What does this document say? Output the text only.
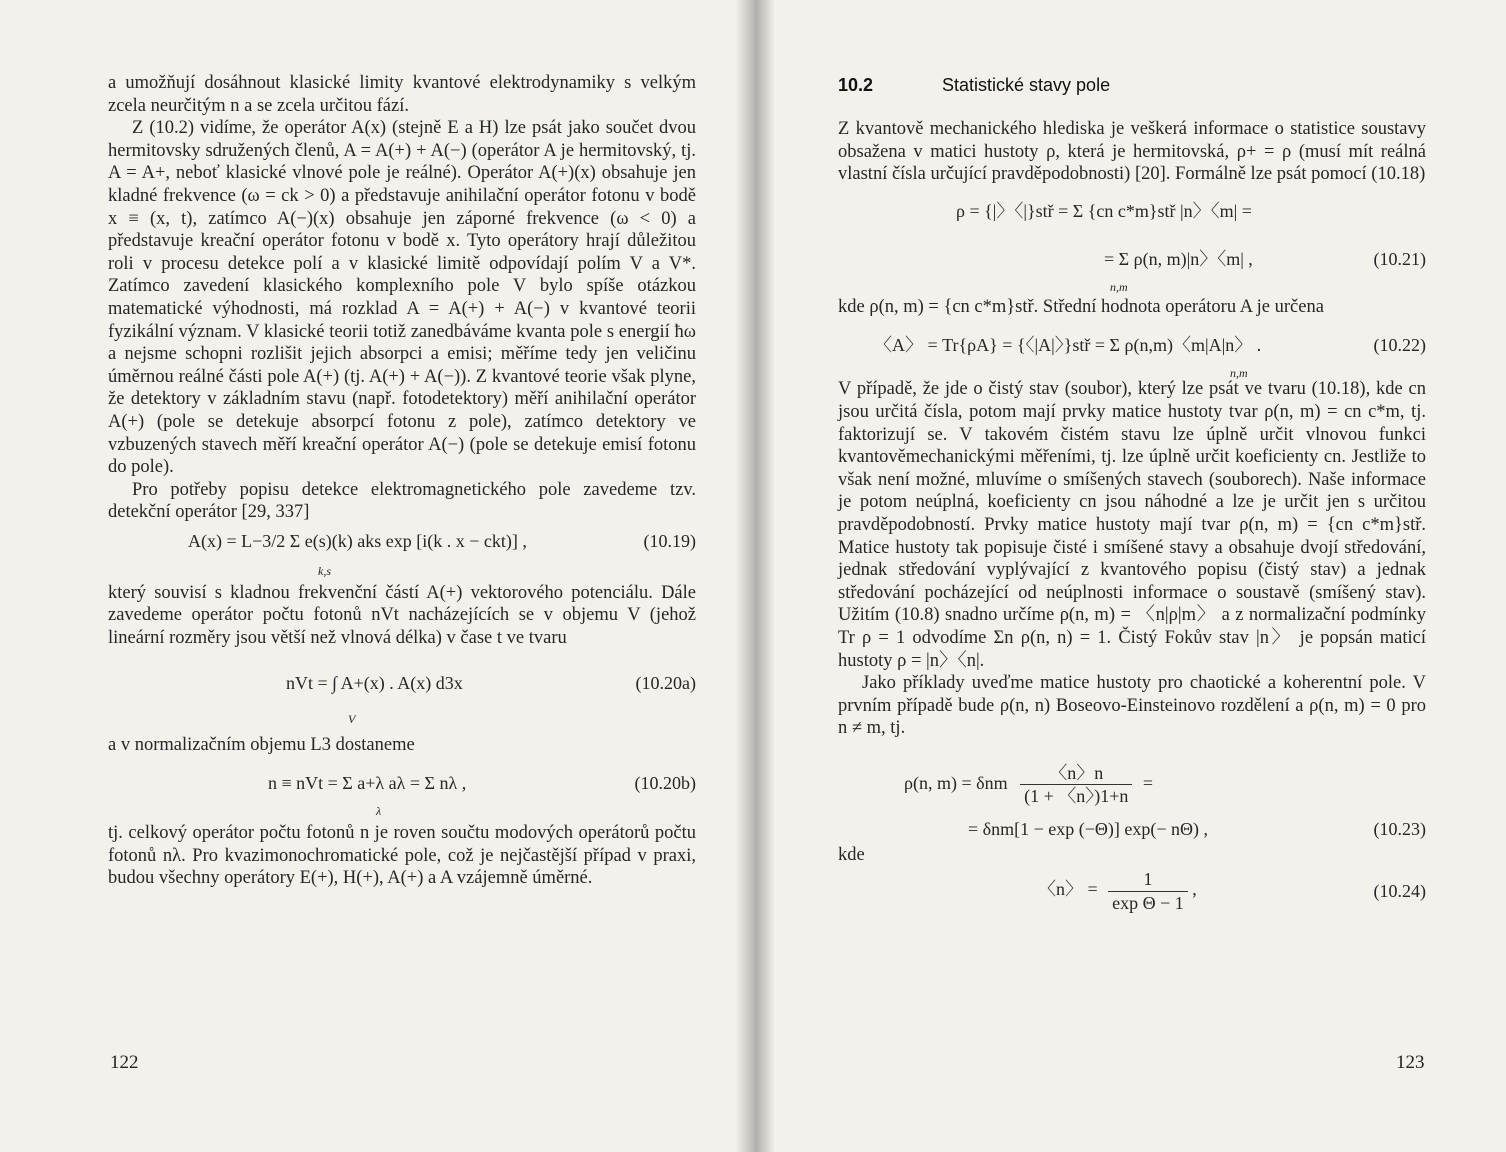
a umožňují dosáhnout klasické limity kvantové elektrodynamiky s velkým zcela neurčitým n a se zcela určitou fází.

Z (10.2) vidíme, že operátor A(x) (stejně E a H) lze psát jako součet dvou hermitovsky sdružených členů, A = A(+) + A(−) (operátor A je hermitovský, tj. A = A+, neboť klasické vlnové pole je reálné). Operátor A(+)(x) obsahuje jen kladné frekvence (ω = ck > 0) a představuje anihilační operátor fotonu v bodě x ≡ (x, t), zatímco A(−)(x) obsahuje jen záporné frekvence (ω < 0) a představuje kreační operátor fotonu v bodě x. Tyto operátory hrají důležitou roli v procesu detekce polí a v klasické limitě odpovídají polím V a V*. Zatímco zavedení klasického komplexního pole V bylo spíše otázkou matematické výhodnosti, má rozklad A = A(+) + A(−) v kvantové teorii fyzikální význam. V klasické teorii totiž zanedbáváme kvanta pole s energií ħω a nejsme schopni rozlišit jejich absorpci a emisi; měříme tedy jen veličinu úměrnou reálné části pole A(+) (tj. A(+) + A(−)). Z kvantové teorie však plyne, že detektory v základním stavu (např. fotodetektory) měří anihilační operátor A(+) (pole se detekuje absorpcí fotonu z pole), zatímco detektory ve vzbuzených stavech měří kreační operátor A(−) (pole se detekuje emisí fotonu do pole).

Pro potřeby popisu detekce elektromagnetického pole zavedeme tzv. detekční operátor [29, 337]

A(x) = L−3/2 Σ e(s)(k) aks exp [i(k . x − ckt)] ,
k,s
(10.19)

který souvisí s kladnou frekvenční částí A(+) vektorového potenciálu. Dále zavedeme operátor počtu fotonů nVt nacházejících se v objemu V (jehož lineární rozměry jsou větší než vlnová délka) v čase t ve tvaru

nVt = ∫ A+(x) . A(x) d3x
V
(10.20a)

a v normalizačním objemu L3 dostaneme

n ≡ nVt = Σ a+λ aλ = Σ nλ ,
λ
(10.20b)

tj. celkový operátor počtu fotonů n je roven součtu modových operátorů počtu fotonů nλ. Pro kvazimonochromatické pole, což je nejčastější případ v praxi, budou všechny operátory E(+), H(+), A(+) a A vzájemně úměrné.

122
10.2	Statistické stavy pole

Z kvantově mechanického hlediska je veškerá informace o statistice soustavy obsažena v matici hustoty ρ, která je hermitovská, ρ+ = ρ (musí mít reálná vlastní čísla určující pravděpodobnosti) [20]. Formálně lze psát pomocí (10.18)

ρ = {|〉〈|}stř = Σ {cn c*m}stř |n〉〈m| =
= Σ ρ(n, m)|n〉〈m| ,
n,m
(10.21)

kde ρ(n, m) = {cn c*m}stř. Střední hodnota operátoru A je určena

〈A〉 = Tr{ρA} = {〈|A|〉}stř = Σ ρ(n,m)〈m|A|n〉 .
n,m
(10.22)

V případě, že jde o čistý stav (soubor), který lze psát ve tvaru (10.18), kde cn jsou určitá čísla, potom mají prvky matice hustoty tvar ρ(n, m) = cn c*m, tj. faktorizují se. V takovém čistém stavu lze úplně určit vlnovou funkci kvantověmechanickými měřeními, tj. lze úplně určit koeficienty cn. Jestliže to však není možné, mluvíme o smíšených stavech (souborech). Naše informace je potom neúplná, koeficienty cn jsou náhodné a lze je určit jen s určitou pravděpodobností. Prvky matice hustoty mají tvar ρ(n, m) = {cn c*m}stř. Matice hustoty tak popisuje čisté i smíšené stavy a obsahuje dvojí středování, jednak středování vyplývající z kvantového popisu (čistý stav) a jednak středování pocházející od neúplnosti informace o soustavě (smíšený stav). Užitím (10.8) snadno určíme ρ(n, m) = 〈n|ρ|m〉 a z normalizační podmínky Tr ρ = 1 odvodíme Σn ρ(n, n) = 1. Čistý Fokův stav |n〉 je popsán maticí hustoty ρ = |n〉〈n|.

Jako příklady uveďme matice hustoty pro chaotické a koherentní pole. V prvním případě bude ρ(n, n) Boseovo-Einsteinovo rozdělení a ρ(n, m) = 0 pro n ≠ m, tj.

ρ(n, m) = δnm $\frac{〈n〉n}{(1 + 〈n〉)1+n}$ =
= δnm[1 − exp (−Θ)] exp(− nΘ) ,	(10.23)

kde

〈n〉 = $\frac{1}{\text{exp Θ − 1}}$ ,	(10.24)
123
